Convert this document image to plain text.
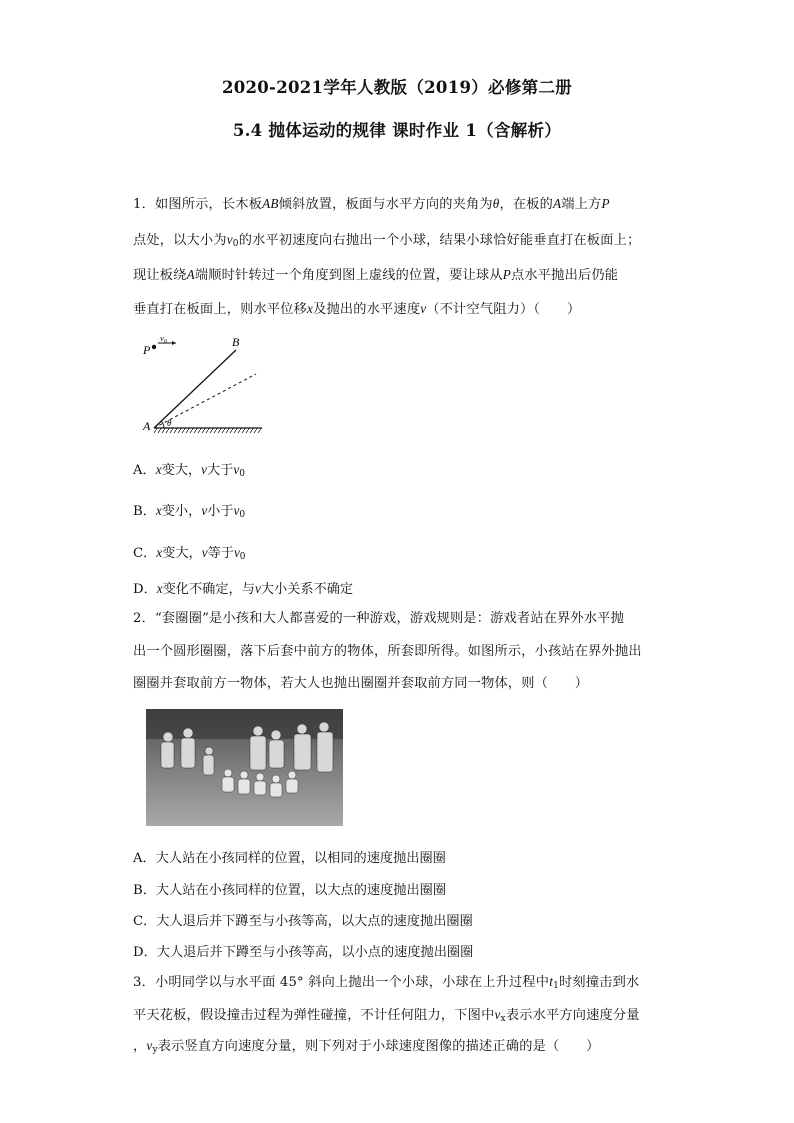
2020-2021学年人教版（2019）必修第二册
5.4 抛体运动的规律 课时作业 1（含解析）
1．如图所示，长木板AB倾斜放置，板面与水平方向的夹角为θ，在板的A端上方P
点处，以大小为$v_0$的水平初速度向右抛出一个小球，结果小球恰好能垂直打在板面上；
现让板绕A端顺时针转过一个角度到图上虚线的位置，要让球从P点水平抛出后仍能
垂直打在板面上，则水平位移x及抛出的水平速度v（不计空气阻力）（　　）
P
$v_0$	B
A θ
A．x变大，v大于$v_0$
B．x变小，v小于$v_0$
C．x变大，v等于$v_0$
D．x变化不确定，与v大小关系不确定
2．“套圈圈”是小孩和大人都喜爱的一种游戏，游戏规则是：游戏者站在界外水平抛
出一个圆形圈圈，落下后套中前方的物体，所套即所得。如图所示，小孩站在界外抛出
圈圈并套取前方一物体，若大人也抛出圈圈并套取前方同一物体，则（　　）
A．大人站在小孩同样的位置，以相同的速度抛出圈圈
B．大人站在小孩同样的位置，以大点的速度抛出圈圈
C．大人退后并下蹲至与小孩等高，以大点的速度抛出圈圈
D．大人退后并下蹲至与小孩等高，以小点的速度抛出圈圈
3．小明同学以与水平面 45° 斜向上抛出一个小球，小球在上升过程中$t_1$时刻撞击到水
平天花板，假设撞击过程为弹性碰撞，不计任何阻力，下图中$v_x$表示水平方向速度分量
，$v_y$表示竖直方向速度分量，则下列对于小球速度图像的描述正确的是（　　）
